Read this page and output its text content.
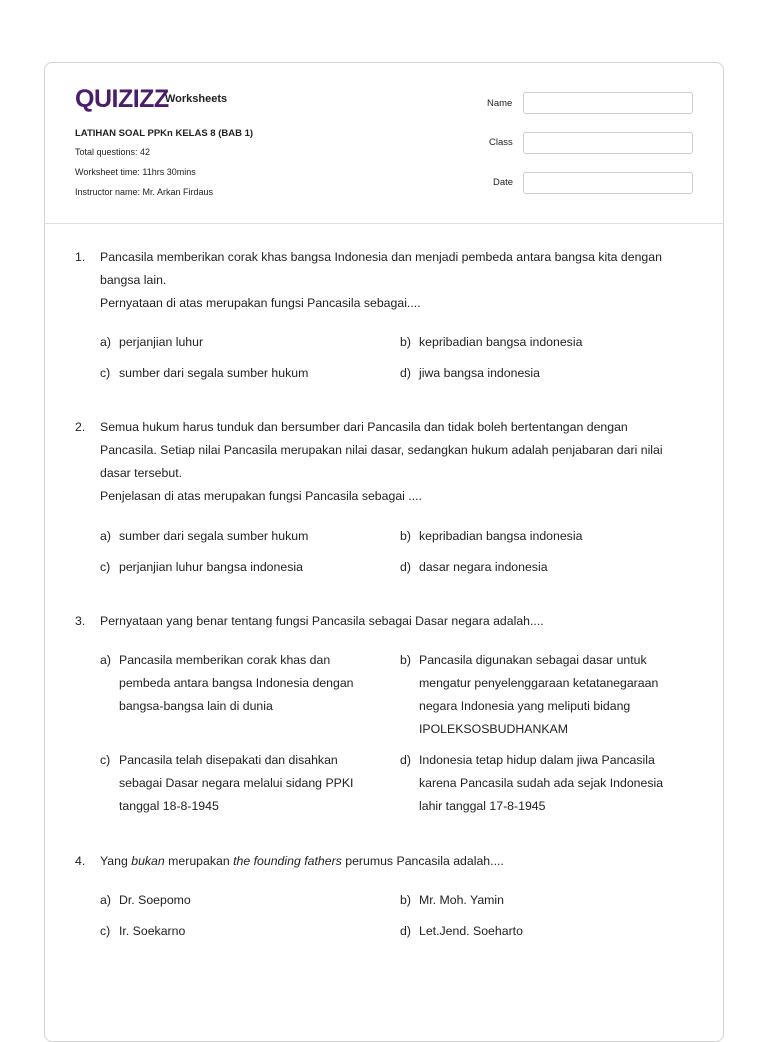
QUIZIZZ
Worksheets
LATIHAN SOAL PPKn KELAS 8 (BAB 1)
Total questions: 42
Worksheet time: 11hrs 30mins
Instructor name: Mr. Arkan Firdaus
Name
Class
Date
1. Pancasila memberikan corak khas bangsa Indonesia dan menjadi pembeda antara bangsa kita dengan
bangsa lain.
Pernyataan di atas merupakan fungsi Pancasila sebagai....
a) perjanjian luhur	b) kepribadian bangsa indonesia
c) sumber dari segala sumber hukum	d) jiwa bangsa indonesia
2. Semua hukum harus tunduk dan bersumber dari Pancasila dan tidak boleh bertentangan dengan
Pancasila. Setiap nilai Pancasila merupakan nilai dasar, sedangkan hukum adalah penjabaran dari nilai
dasar tersebut.
Penjelasan di atas merupakan fungsi Pancasila sebagai ....
a) sumber dari segala sumber hukum	b) kepribadian bangsa indonesia
c) perjanjian luhur bangsa indonesia	d) dasar negara indonesia
3. Pernyataan yang benar tentang fungsi Pancasila sebagai Dasar negara adalah....
a) Pancasila memberikan corak khas dan
pembeda antara bangsa Indonesia dengan
bangsa-bangsa lain di dunia
b) Pancasila digunakan sebagai dasar untuk
mengatur penyelenggaraan ketatanegaraan
negara Indonesia yang meliputi bidang
IPOLEKSOSBUDHANKAM
c) Pancasila telah disepakati dan disahkan
sebagai Dasar negara melalui sidang PPKI
tanggal 18-8-1945
d) Indonesia tetap hidup dalam jiwa Pancasila
karena Pancasila sudah ada sejak Indonesia
lahir tanggal 17-8-1945
4. Yang bukan merupakan the founding fathers perumus Pancasila adalah....
a) Dr. Soepomo	b) Mr. Moh. Yamin
c) Ir. Soekarno	d) Let.Jend. Soeharto
